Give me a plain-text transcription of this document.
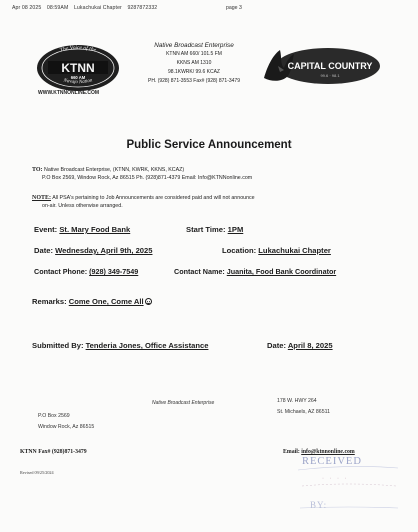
Apr 08 2025 08:59AM Lukachukai Chapter 9287872332	page 3
The Voice of the
KTNN
660 AM
Navajo Nation
WWW.KTNNONLINE.COM
Native Broadcast Enterprise
KTNN AM 660/ 101.5 FM
KKNS AM 1310
98.1KWRK/ 99.6 KCAZ
PH. (928) 871-3553 Fax# (928) 871-3479
CAPITAL COUNTRY
99.6 · 98.1
Public Service Announcement
TO: Native Broadcast Enterprise, (KTNN, KWRK, KKNS, KCAZ)
P.O Box 2569, Window Rock, Az 86515 Ph. (928)871-4379 Email: Info@KTNNonline.com
NOTE: All PSA's pertaining to Job Announcements are considered paid and will not announce
on-air. Unless otherwise arranged.
Event: St. Mary Food Bank	Start Time: 1PM
Date: Wednesday, April 9th, 2025	Location: Lukachukai Chapter
Contact Phone: (928) 349-7549	Contact Name: Juanita, Food Bank Coordinator
Remarks: Come One, Come All
Submitted By: Tenderia Jones, Office Assistance	Date: April 8, 2025
Native Broadcast Enterprise
P.O Box 2569
Window Rock, Az 86515
178 W. HWY 264
St. Michaels, AZ 86511
KTNN Fax# (928)871-3479	Email: info@ktnnonline.com
Revised 09/25/2024
RECEIVED
· · · ·
BY:
